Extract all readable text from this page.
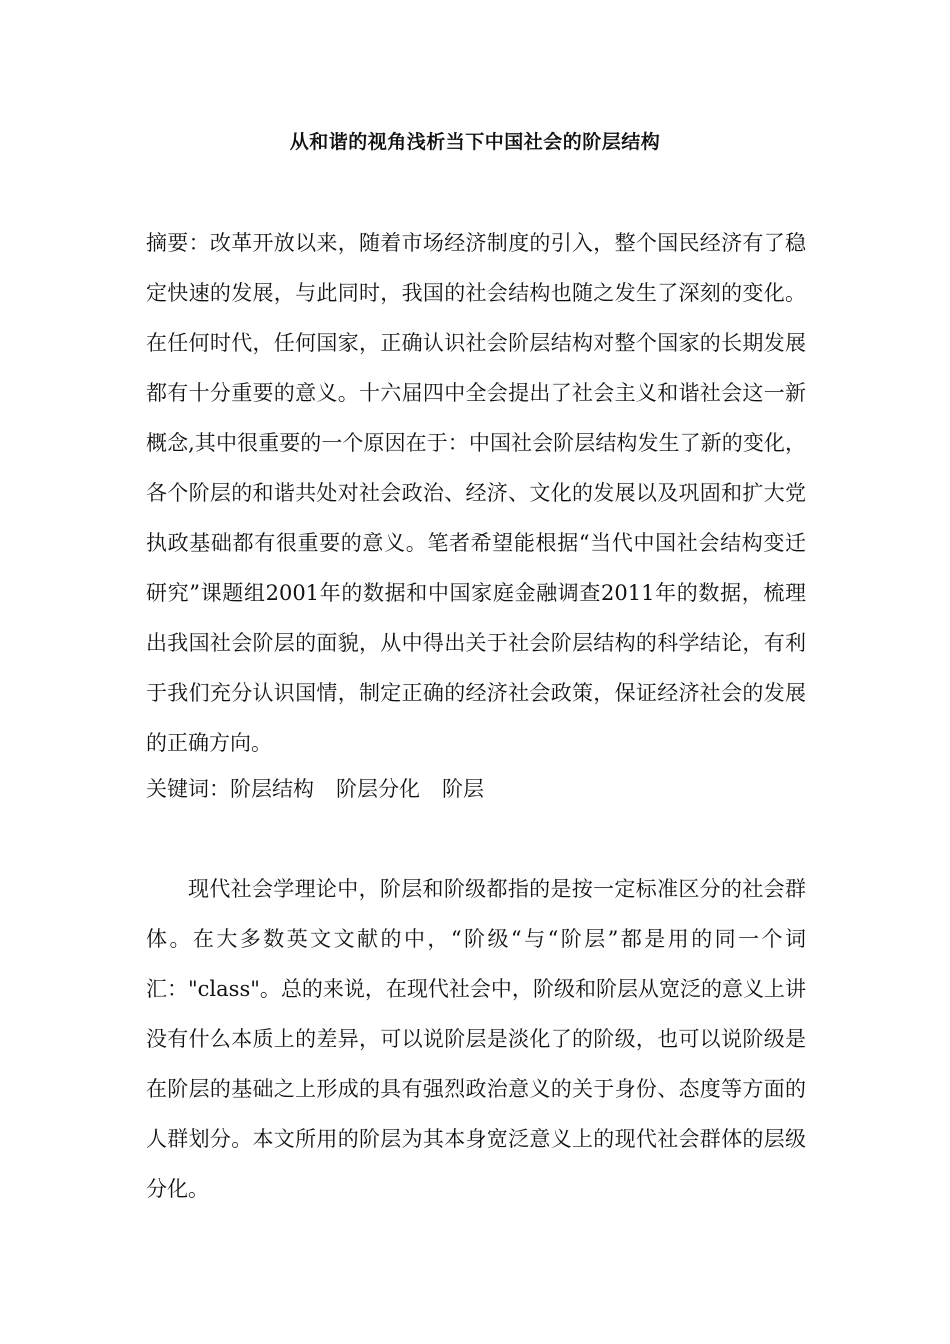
从和谐的视角浅析当下中国社会的阶层结构

摘要：改革开放以来，随着市场经济制度的引入，整个国民经济有了稳定快速的发展，与此同时，我国的社会结构也随之发生了深刻的变化。在任何时代，任何国家，正确认识社会阶层结构对整个国家的长期发展都有十分重要的意义。十六届四中全会提出了社会主义和谐社会这一新概念,其中很重要的一个原因在于：中国社会阶层结构发生了新的变化，各个阶层的和谐共处对社会政治、经济、文化的发展以及巩固和扩大党执政基础都有很重要的意义。笔者希望能根据“当代中国社会结构变迁研究”课题组2001年的数据和中国家庭金融调查2011年的数据，梳理出我国社会阶层的面貌，从中得出关于社会阶层结构的科学结论，有利于我们充分认识国情，制定正确的经济社会政策，保证经济社会的发展的正确方向。

关键词：阶层结构 阶层分化 阶层

现代社会学理论中，阶层和阶级都指的是按一定标准区分的社会群体。在大多数英文文献的中，“阶级“与“阶层”都是用的同一个词汇："class"。总的来说，在现代社会中，阶级和阶层从宽泛的意义上讲没有什么本质上的差异，可以说阶层是淡化了的阶级，也可以说阶级是在阶层的基础之上形成的具有强烈政治意义的关于身份、态度等方面的人群划分。本文所用的阶层为其本身宽泛意义上的现代社会群体的层级分化。
